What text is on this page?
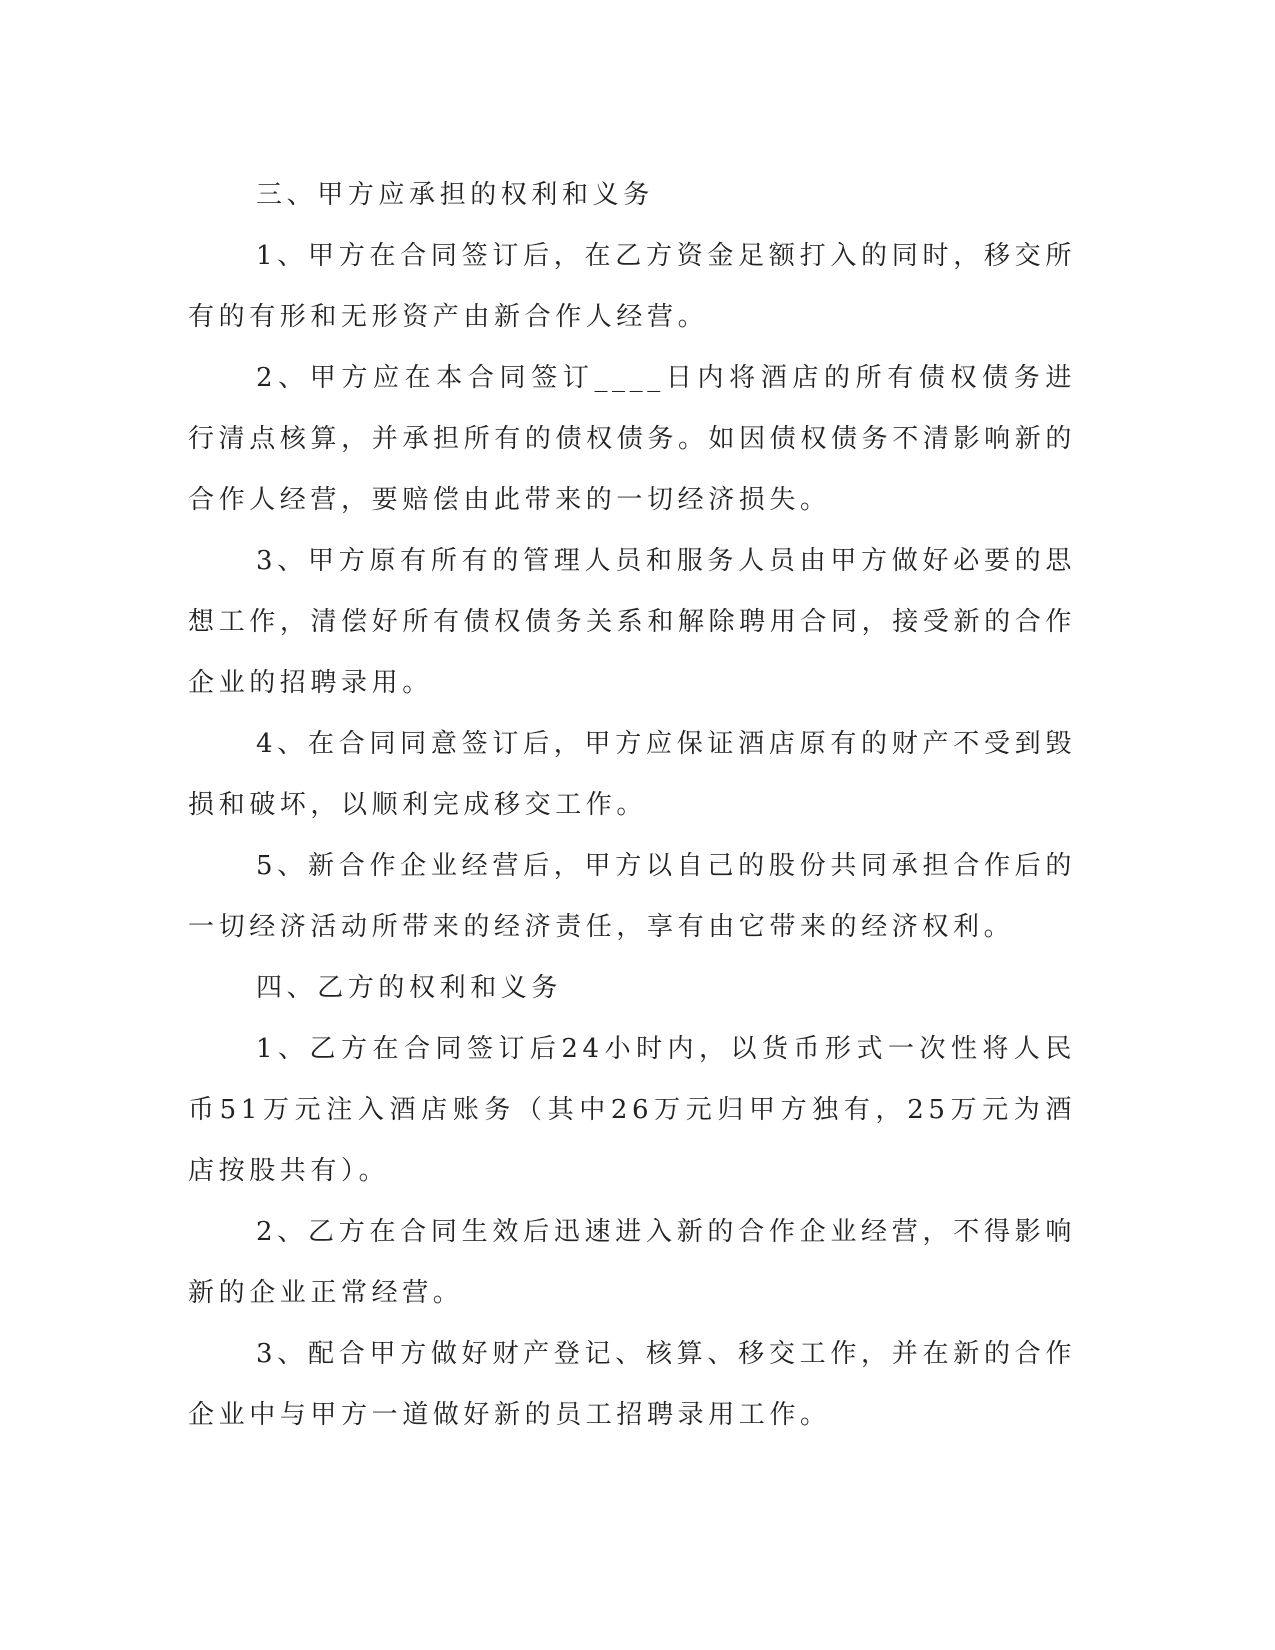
三、甲方应承担的权利和义务

1、甲方在合同签订后，在乙方资金足额打入的同时，移交所有的有形和无形资产由新合作人经营。

2、甲方应在本合同签订____日内将酒店的所有债权债务进行清点核算，并承担所有的债权债务。如因债权债务不清影响新的合作人经营，要赔偿由此带来的一切经济损失。

3、甲方原有所有的管理人员和服务人员由甲方做好必要的思想工作，清偿好所有债权债务关系和解除聘用合同，接受新的合作企业的招聘录用。

4、在合同同意签订后，甲方应保证酒店原有的财产不受到毁损和破坏，以顺利完成移交工作。

5、新合作企业经营后，甲方以自己的股份共同承担合作后的一切经济活动所带来的经济责任，享有由它带来的经济权利。

四、乙方的权利和义务

1、乙方在合同签订后24小时内，以货币形式一次性将人民币51万元注入酒店账务（其中26万元归甲方独有，25万元为酒店按股共有）。

2、乙方在合同生效后迅速进入新的合作企业经营，不得影响新的企业正常经营。

3、配合甲方做好财产登记、核算、移交工作，并在新的合作企业中与甲方一道做好新的员工招聘录用工作。
